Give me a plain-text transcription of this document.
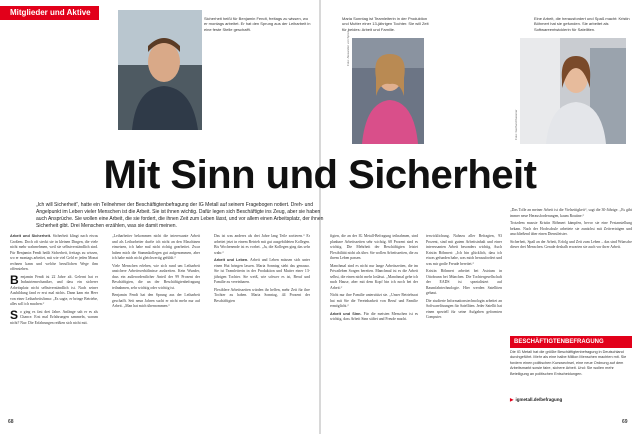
Mitglieder und Aktive
Sicherheit heißt für Benjamin Fendt, freitags zu wissen, wo er montags arbeitet. Er hat den Sprung aus der Leiharbeit in eine feste Stelle geschafft.
Foto: Alexander von Spreti
Maria Sonntag ist Teamleiterin in der Produktion und Mutter einer 13-jährigen Tochter. Sie will Zeit für beides: Arbeit und Familie.
Foto: Gerhard Kassner
Eine Arbeit, die herausfordert und Spaß macht: Kristin Böhmert hat sie gefunden. Sie arbeitet als Softwareentwicklerin für Satelliten.
Mit Sinn und Sicherheit
„Ich will Sicherheit“, hatte ein Teilnehmer der Beschäftigtenbefragung der IG Metall auf seinem Fragebogen notiert. Dreh- und Angelpunkt im Leben vieler Menschen ist die Arbeit. Sie ist ihnen wichtig. Dafür legen sich Beschäftigte ins Zeug, aber sie haben auch Ansprüche. Sie wollen eine Arbeit, die sie fordert, die ihnen Zeit zum Leben lässt, und vor allem einen Arbeitsplatz, der ihnen Sicherheit gibt. Drei Menschen erzählen, was sie damit meinen.

Arbeit und Sicherheit. Sicherheit klingt nach etwas Großem. Doch oft steckt sie in kleinen Dingen, die viele nicht mehr wahrnehmen, weil sie selbstverständlich sind. Für Benjamin Fendt heißt Sicherheit, freitags zu wissen, wo er montags arbeitet, mit wie viel Geld er jeden Monat rechnen kann und welche beruflichen Wege ihm offenstehen.

Benjamin Fendt ist 22 Jahre alt. Gelernt hat er Industriemechaniker, und dass ein sicherer Arbeitsplatz nicht selbstverständlich ist. Nach seiner Ausbildung fand er erst mal nichts. Dann kam ein Heer von einer Leiharbeitsfirma: „Es sagte, er bringe Betriebe, alles soll ich machen.“

So ging es fast drei Jahre. Anfänge sah er es als Chance. Erst mal Erfahrungen sammeln, warum nicht? Nur: Die Erfahrungen reißten sich nicht mit.

„Leiharbeiter bekommen nicht die interessante Arbeit und als Leiharbeiter durfte ich nicht an den Maschinen einsetzen, ich habe mal nicht richtig gearbeitet. Zwar haben mich die Stammkollegen gut aufgenommen, aber ich habe mich nicht gleichwertig gefühlt.“

Viele Menschen erleben, wie sich rund um Leiharbeit unsichere Arbeitsverhältnisse ausbreiten. Kein Wunder, dass ein außerordentlicher Anteil der 99 Prozent der Beschäftigten, die an der Beschäftigtenbefragung teilnahmen, sehr wichtig oder wichtig ist.

Benjamin Fendt hat den Sprung aus der Leiharbeit geschafft. Seit neun Jahren sucht er nicht mehr nur auf Arbeit. „Man hat mich übernommen.“

Das ist was anderes als drei Jahre lang Teile sortieren.“ Er arbeitet jetzt in einem Betrieb mit gut ausgebildeten Kollegen. Bis Wochenende ist es vorbei. „Ja, die Kollegen ging das sehr wahr.“

Arbeit und Leben. Arbeit und Leben müssen sich unter einen Hut bringen lassen. Maria Sonntag sieht das genauso. Sie ist Teamleiterin in der Produktion und Mutter einer 13-jährigen Tochter. Sie weiß, wie schwer es ist, Beruf und Familie zu vereinbaren.

Flexiblere Arbeitszeiten würden ihr helfen, mehr Zeit für ihre Tochter zu haben. Maria Sonntag, 44 Prozent der Beschäftigten

figten, die an der IG Metall-Befragung teilnahmen, sind planbare Arbeitszeiten sehr wichtig. 68 Prozent sind es wichtig. Die Mehrheit der Beschäftigten leistet Flexibilität nicht als über. Sie wollen Arbeitszeiten, die zu ihrem Leben passen.

Manchmal sind es nicht nur lange Arbeitszeiten, die im Privatleben Sorgen bereiten. Manchmal ist es die Arbeit selbst, die einen nicht mehr loslässt. „Manchmal gehe ich nach Hause, aber mit dem Kopf bin ich noch bei der Arbeit.“

Nicht nur ihre Familie unterstützt sie. „Unser Betriebsrat hat mit Sie die Vereinbarkeit von Beruf und Familie ermöglicht.“

Arbeit und Sinn. Für die meisten Menschen ist es wichtig, dass Arbeit Sinn stiftet und Freude macht.

terwicklichung. Nahezu aller Befragten, 93 Prozent, sind mit gutem Arbeitsinhalt und einer interessanten Arbeit besonders wichtig. Auch Kristin Böhmert: „Ich bin glücklich, dass ich etwas gefunden habe, was mich herausfordert und was mir große Freude bereitet.“

Kristin Böhmert arbeitet bei Astrium in Ottobrunn bei München. Die Tochtergesellschaft der EADS ist spezialisiert auf Raumfahrtechnologie. Hier werden Satelliten gebaut.

Die studierte Informationstechnologin arbeitet an Softwarelösungen für Satelliten. Jeder Satellit hat einen speziell für seine Aufgaben geformten Computer.

„Das Tolle an meiner Arbeit ist die Vielseitigkeit“, sagt die 30-Jährige. „Es gibt immer neue Herausforderungen, kaum Routine.“

Trotzdem musste Kristin Böhmert kämpfen, bevor sie eine Festanstellung bekam. Nach der Hochschule arbeitete sie zunächst mit Zeitverträgen und anschließend über einen Dienstleister.

Sicherheit, Spaß an der Arbeit, Erfolg und Zeit zum Leben – das sind Wünsche dieser drei Menschen. Gerade deshalb erwarten sie auch vor ihrer Arbeit.

BESCHÄFTIGTENBEFRAGUNG
Die IG Metall hat die größte Beschäftigtenbefragung in Deutschland durchgeführt. Mehr als eine halbe Million Menschen machten mit. Sie fordern einen politischen Kurswechsel, eine neue Ordnung auf dem Arbeitsmarkt sowie faire, sichere Arbeit. Und: Sie wollen mehr Beteiligung an politischen Entscheidungen.
▶ igmetall.de/befragung
68	69
